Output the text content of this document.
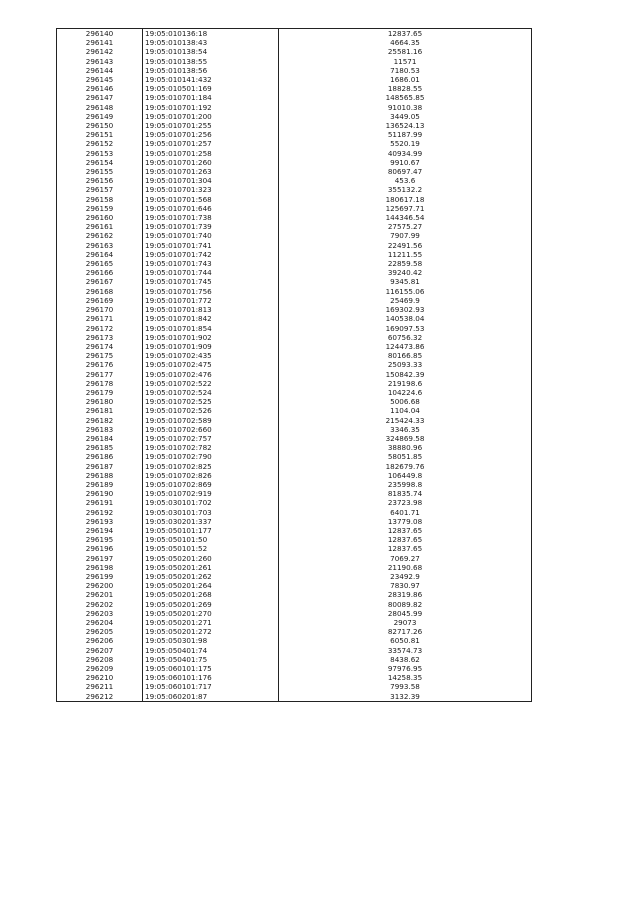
296140	19:05:010136:18	12837.65
296141	19:05:010138:43	4664.35
296142	19:05:010138:54	25581.16
296143	19:05:010138:55	11571
296144	19:05:010138:56	7180.53
296145	19:05:010141:432	1686.01
296146	19:05:010501:169	18828.55
296147	19:05:010701:184	148565.85
296148	19:05:010701:192	91010.38
296149	19:05:010701:200	3449.05
296150	19:05:010701:255	136524.13
296151	19:05:010701:256	51187.99
296152	19:05:010701:257	5520.19
296153	19:05:010701:258	40934.99
296154	19:05:010701:260	9910.67
296155	19:05:010701:263	80697.47
296156	19:05:010701:304	453.6
296157	19:05:010701:323	355132.2
296158	19:05:010701:568	180617.18
296159	19:05:010701:646	125697.71
296160	19:05:010701:738	144346.54
296161	19:05:010701:739	27575.27
296162	19:05:010701:740	7907.99
296163	19:05:010701:741	22491.56
296164	19:05:010701:742	11211.55
296165	19:05:010701:743	22859.58
296166	19:05:010701:744	39240.42
296167	19:05:010701:745	9345.81
296168	19:05:010701:756	116155.06
296169	19:05:010701:772	25469.9
296170	19:05:010701:813	169302.93
296171	19:05:010701:842	140538.04
296172	19:05:010701:854	169097.53
296173	19:05:010701:902	60756.32
296174	19:05:010701:909	124473.86
296175	19:05:010702:435	80166.85
296176	19:05:010702:475	25093.33
296177	19:05:010702:476	150842.39
296178	19:05:010702:522	219198.6
296179	19:05:010702:524	104224.6
296180	19:05:010702:525	5006.68
296181	19:05:010702:526	1104.04
296182	19:05:010702:589	215424.33
296183	19:05:010702:660	3346.35
296184	19:05:010702:757	324869.58
296185	19:05:010702:782	38880.96
296186	19:05:010702:790	58051.85
296187	19:05:010702:825	182679.76
296188	19:05:010702:826	106449.8
296189	19:05:010702:869	235998.8
296190	19:05:010702:919	81835.74
296191	19:05:030101:702	23723.98
296192	19:05:030101:703	6401.71
296193	19:05:030201:337	13779.08
296194	19:05:050101:177	12837.65
296195	19:05:050101:50	12837.65
296196	19:05:050101:52	12837.65
296197	19:05:050201:260	7069.27
296198	19:05:050201:261	21190.68
296199	19:05:050201:262	23492.9
296200	19:05:050201:264	7830.97
296201	19:05:050201:268	28319.86
296202	19:05:050201:269	80089.82
296203	19:05:050201:270	28045.99
296204	19:05:050201:271	29073
296205	19:05:050201:272	82717.26
296206	19:05:050301:98	6050.81
296207	19:05:050401:74	33574.73
296208	19:05:050401:75	8438.62
296209	19:05:060101:175	97976.95
296210	19:05:060101:176	14258.35
296211	19:05:060101:717	7993.58
296212	19:05:060201:87	3132.39
